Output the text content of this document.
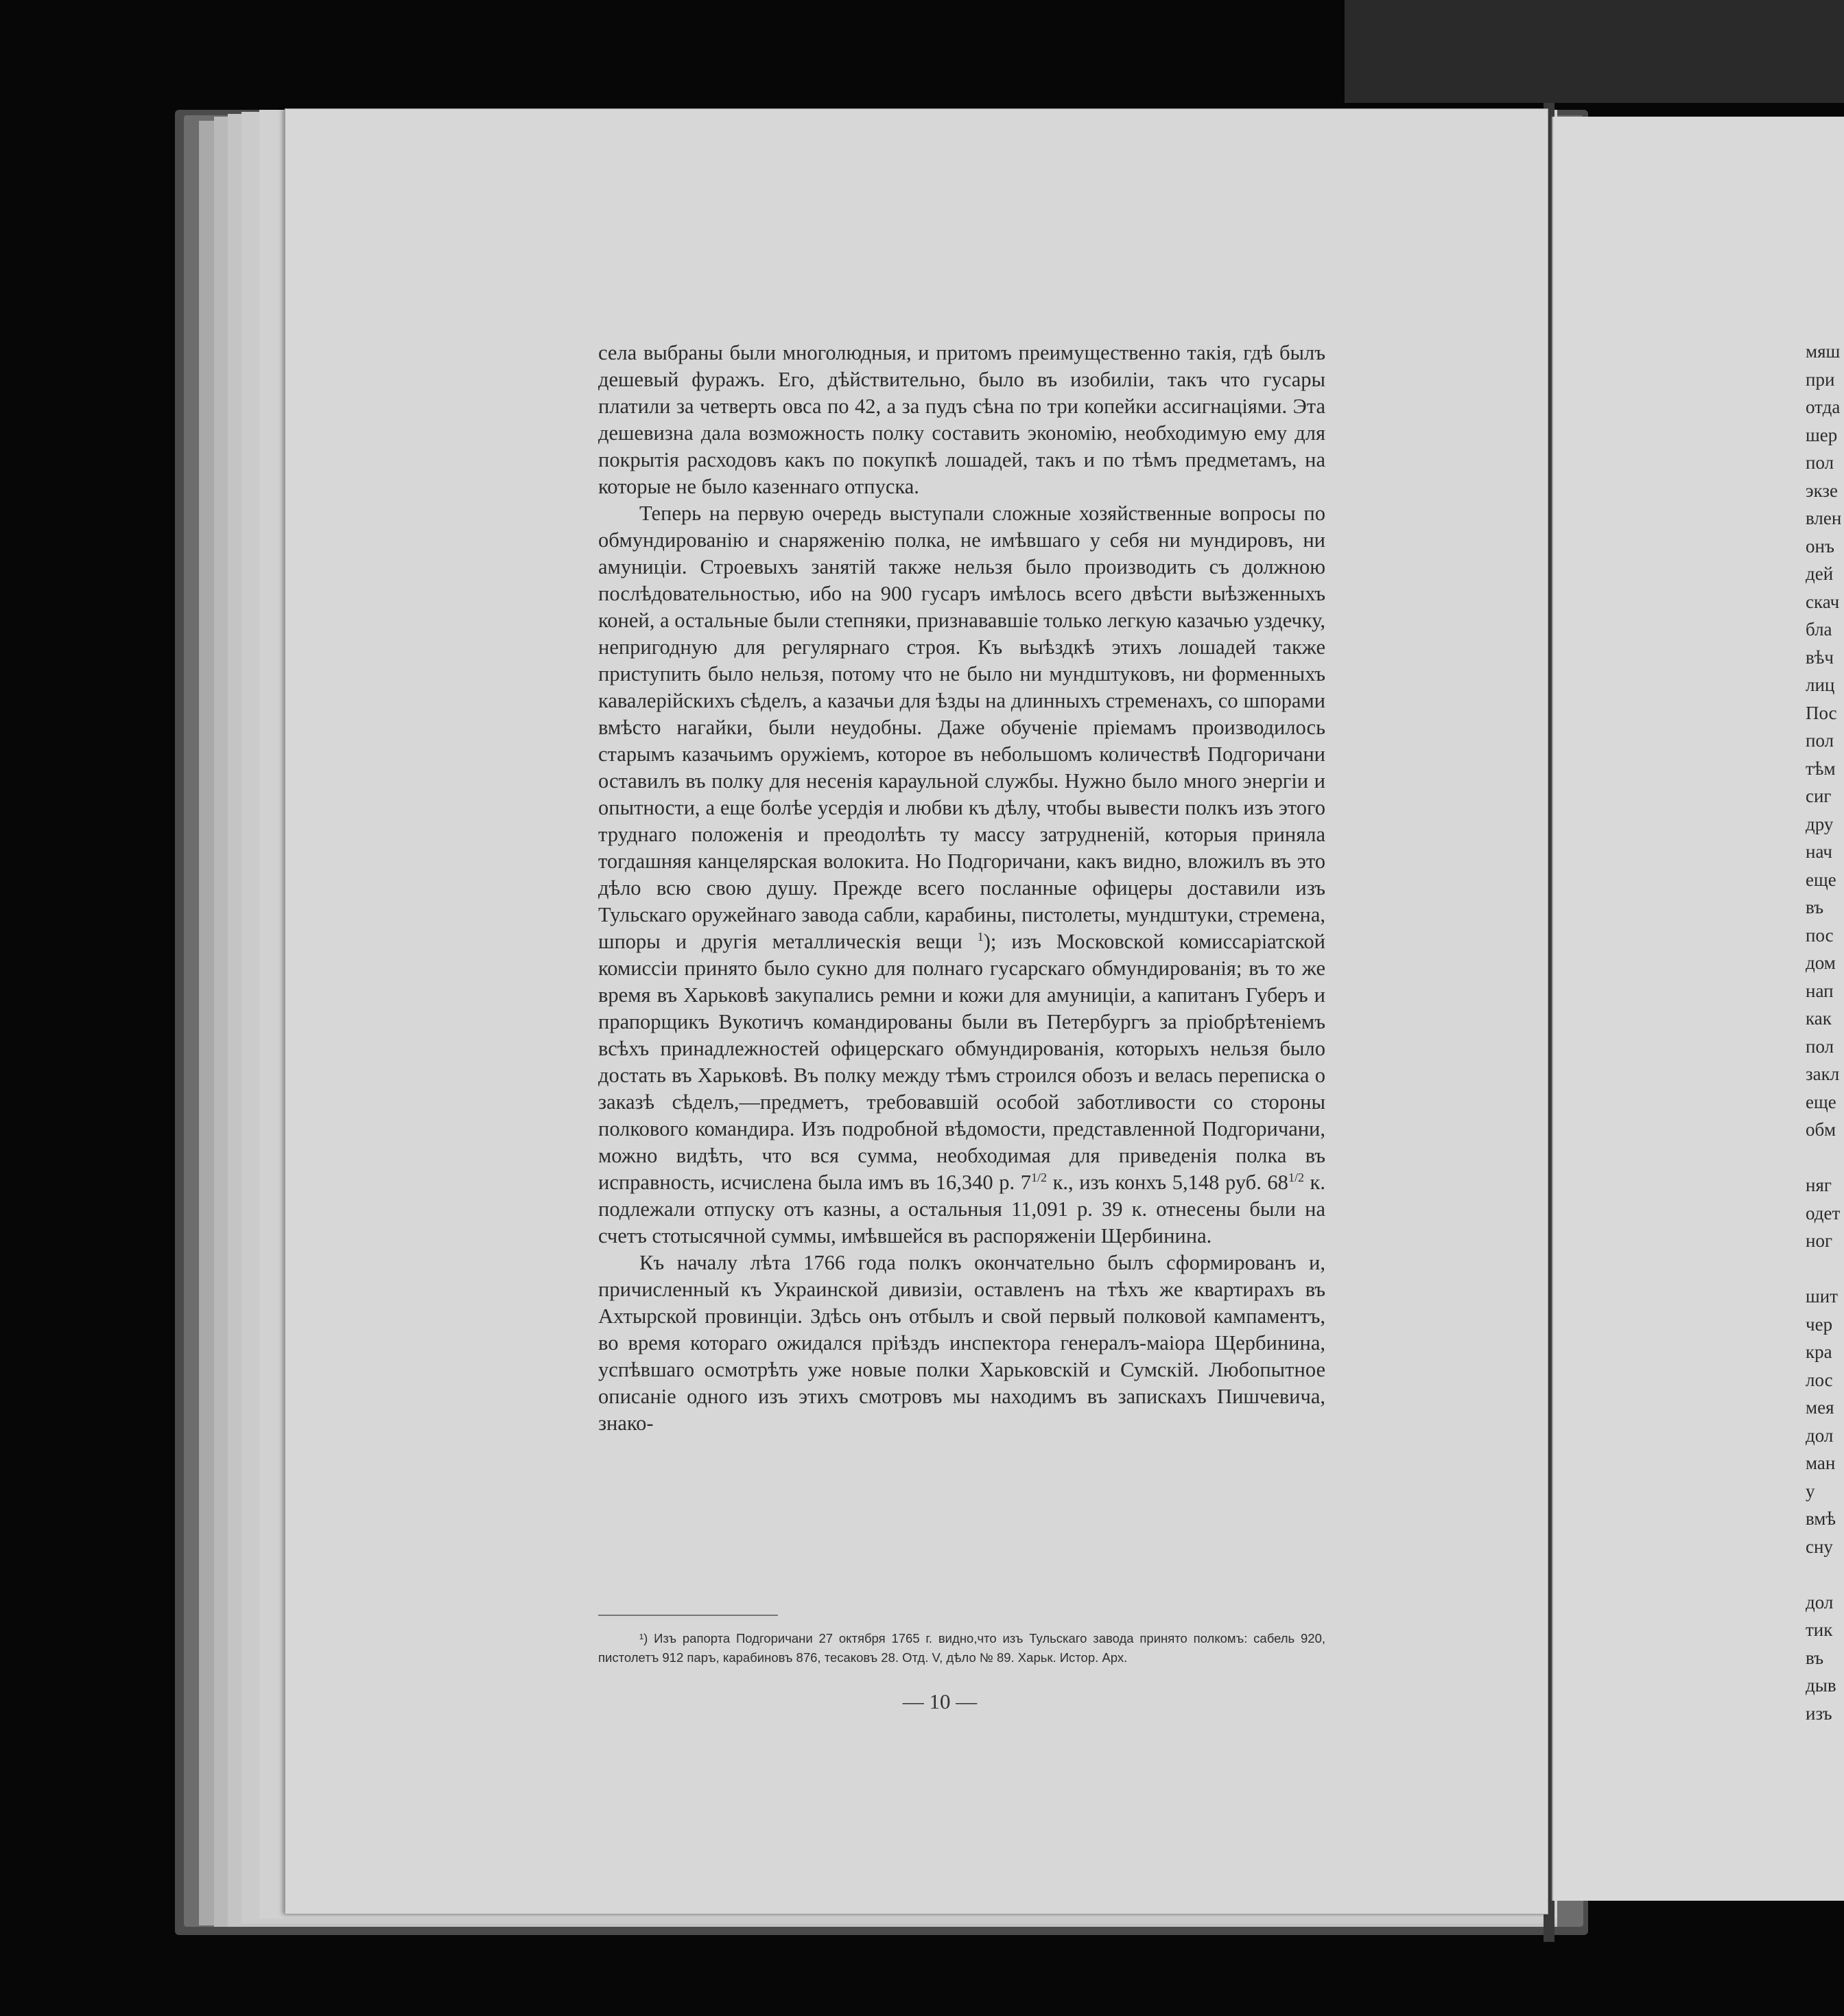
села выбраны были многолюдныя, и притомъ преимущественно такія, гдѣ былъ дешевый фуражъ. Его, дѣйствительно, было въ изобиліи, такъ что гусары платили за четверть овса по 42, а за пудъ сѣна по три копейки ассигнаціями. Эта дешевизна дала возможность полку составить экономію, необходимую ему для покрытія расходовъ какъ по покупкѣ лошадей, такъ и по тѣмъ предметамъ, на которые не было казеннаго отпуска.

Теперь на первую очередь выступали сложные хозяйственные вопросы по обмундированію и снаряженію полка, не имѣвшаго у себя ни мундировъ, ни амуниціи. Строевыхъ занятій также нельзя было производить съ должною послѣдовательностью, ибо на 900 гусаръ имѣлось всего двѣсти выѣзженныхъ коней, а остальные были степняки, признававшіе только легкую казачью уздечку, непригодную для регулярнаго строя. Къ выѣздкѣ этихъ лошадей также приступить было нельзя, потому что не было ни мундштуковъ, ни форменныхъ кавалерійскихъ сѣделъ, а казачьи для ѣзды на длинныхъ стременахъ, со шпорами вмѣсто нагайки, были неудобны. Даже обученіе пріемамъ производилось старымъ казачьимъ оружіемъ, которое въ небольшомъ количествѣ Подгоричани оставилъ въ полку для несенія караульной службы. Нужно было много энергіи и опытности, а еще болѣе усердія и любви къ дѣлу, чтобы вывести полкъ изъ этого труднаго положенія и преодолѣть ту массу затрудненій, которыя приняла тогдашняя канцелярская волокита. Но Подгоричани, какъ видно, вложилъ въ это дѣло всю свою душу. Прежде всего посланные офицеры доставили изъ Тульскаго оружейнаго завода сабли, карабины, пистолеты, мундштуки, стремена, шпоры и другія металлическія вещи $^1$); изъ Московской комиссаріатской комиссіи принято было сукно для полнаго гусарскаго обмундированія; въ то же время въ Харьковѣ закупались ремни и кожи для амуниціи, а капитанъ Губеръ и прапорщикъ Вукотичъ командированы были въ Петербургъ за пріобрѣтеніемъ всѣхъ принадлежностей офицерскаго обмундированія, которыхъ нельзя было достать въ Харьковѣ. Въ полку между тѣмъ строился обозъ и велась переписка о заказѣ сѣделъ,—предметъ, требовавшій особой заботливости со стороны полкового командира. Изъ подробной вѣдомости, представленной Подгоричани, можно видѣть, что вся сумма, необходимая для приведенія полка въ исправность, исчислена была имъ въ 16,340 р. $7^{1/2}$ к., изъ конхъ 5,148 руб. $68^{1/2}$ к. подлежали отпуску отъ казны, а остальныя 11,091 р. 39 к. отнесены были на счетъ стотысячной суммы, имѣвшейся въ распоряженіи Щербинина.

Къ началу лѣта 1766 года полкъ окончательно былъ сформированъ и, причисленный къ Украинской дивизіи, оставленъ на тѣхъ же квартирахъ въ Ахтырской провинціи. Здѣсь онъ отбылъ и свой первый полковой кампаментъ, во время котораго ожидался пріѣздъ инспектора генералъ-маіора Щербинина, успѣвшаго осмотрѣть уже новые полки Харьковскій и Сумскій. Любопытное описаніе одного изъ этихъ смотровъ мы находимъ въ запискахъ Пишчевича, знако-

¹) Изъ рапорта Подгоричани 27 октября 1765 г. видно,что изъ Тульскаго завода принято полкомъ: сабель 920, пистолетъ 912 паръ, карабиновъ 876, тесаковъ 28. Отд. V, дѣло № 89. Харьк. Истор. Арх.
— 10 —
мяш
при
отда
шер
пол
экзе
влен
онъ
дей
скач
бла
вѣч
лиц
Пос
пол
тѣм
сиг
дру
нач
еще
въ
пос
дом
нап
как
пол
закл
еще
обм
няг
одет
ног
шит
чер
кра
лос
мея
дол
ман
у
вмѣ
сну
дол
тик
въ
дыв
изъ
